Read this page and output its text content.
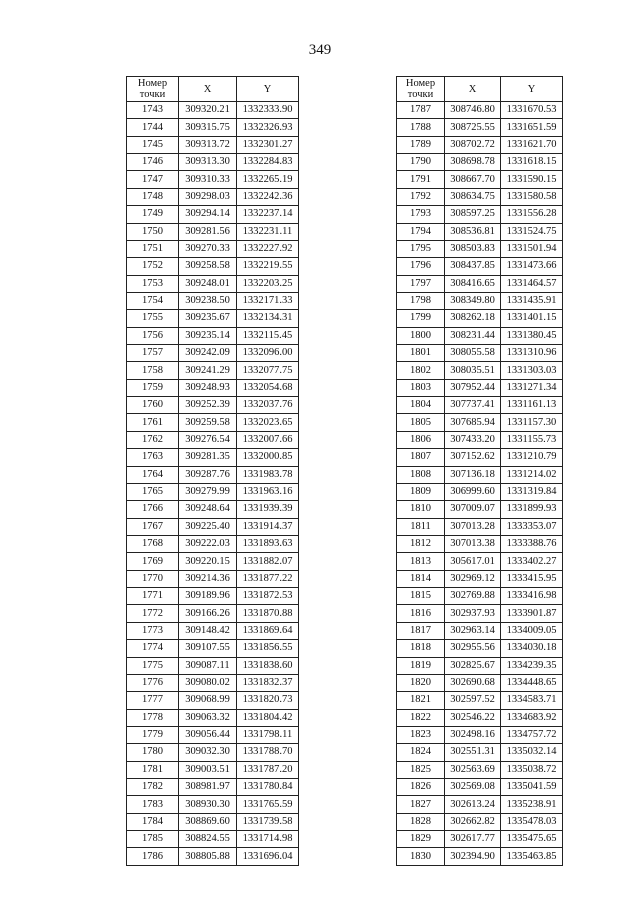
349
Номер
точки	X	Y
1743	309320.21	1332333.90
1744	309315.75	1332326.93
1745	309313.72	1332301.27
1746	309313.30	1332284.83
1747	309310.33	1332265.19
1748	309298.03	1332242.36
1749	309294.14	1332237.14
1750	309281.56	1332231.11
1751	309270.33	1332227.92
1752	309258.58	1332219.55
1753	309248.01	1332203.25
1754	309238.50	1332171.33
1755	309235.67	1332134.31
1756	309235.14	1332115.45
1757	309242.09	1332096.00
1758	309241.29	1332077.75
1759	309248.93	1332054.68
1760	309252.39	1332037.76
1761	309259.58	1332023.65
1762	309276.54	1332007.66
1763	309281.35	1332000.85
1764	309287.76	1331983.78
1765	309279.99	1331963.16
1766	309248.64	1331939.39
1767	309225.40	1331914.37
1768	309222.03	1331893.63
1769	309220.15	1331882.07
1770	309214.36	1331877.22
1771	309189.96	1331872.53
1772	309166.26	1331870.88
1773	309148.42	1331869.64
1774	309107.55	1331856.55
1775	309087.11	1331838.60
1776	309080.02	1331832.37
1777	309068.99	1331820.73
1778	309063.32	1331804.42
1779	309056.44	1331798.11
1780	309032.30	1331788.70
1781	309003.51	1331787.20
1782	308981.97	1331780.84
1783	308930.30	1331765.59
1784	308869.60	1331739.58
1785	308824.55	1331714.98
1786	308805.88	1331696.04
Номер
точки	X	Y
1787	308746.80	1331670.53
1788	308725.55	1331651.59
1789	308702.72	1331621.70
1790	308698.78	1331618.15
1791	308667.70	1331590.15
1792	308634.75	1331580.58
1793	308597.25	1331556.28
1794	308536.81	1331524.75
1795	308503.83	1331501.94
1796	308437.85	1331473.66
1797	308416.65	1331464.57
1798	308349.80	1331435.91
1799	308262.18	1331401.15
1800	308231.44	1331380.45
1801	308055.58	1331310.96
1802	308035.51	1331303.03
1803	307952.44	1331271.34
1804	307737.41	1331161.13
1805	307685.94	1331157.30
1806	307433.20	1331155.73
1807	307152.62	1331210.79
1808	307136.18	1331214.02
1809	306999.60	1331319.84
1810	307009.07	1331899.93
1811	307013.28	1333353.07
1812	307013.38	1333388.76
1813	305617.01	1333402.27
1814	302969.12	1333415.95
1815	302769.88	1333416.98
1816	302937.93	1333901.87
1817	302963.14	1334009.05
1818	302955.56	1334030.18
1819	302825.67	1334239.35
1820	302690.68	1334448.65
1821	302597.52	1334583.71
1822	302546.22	1334683.92
1823	302498.16	1334757.72
1824	302551.31	1335032.14
1825	302563.69	1335038.72
1826	302569.08	1335041.59
1827	302613.24	1335238.91
1828	302662.82	1335478.03
1829	302617.77	1335475.65
1830	302394.90	1335463.85
